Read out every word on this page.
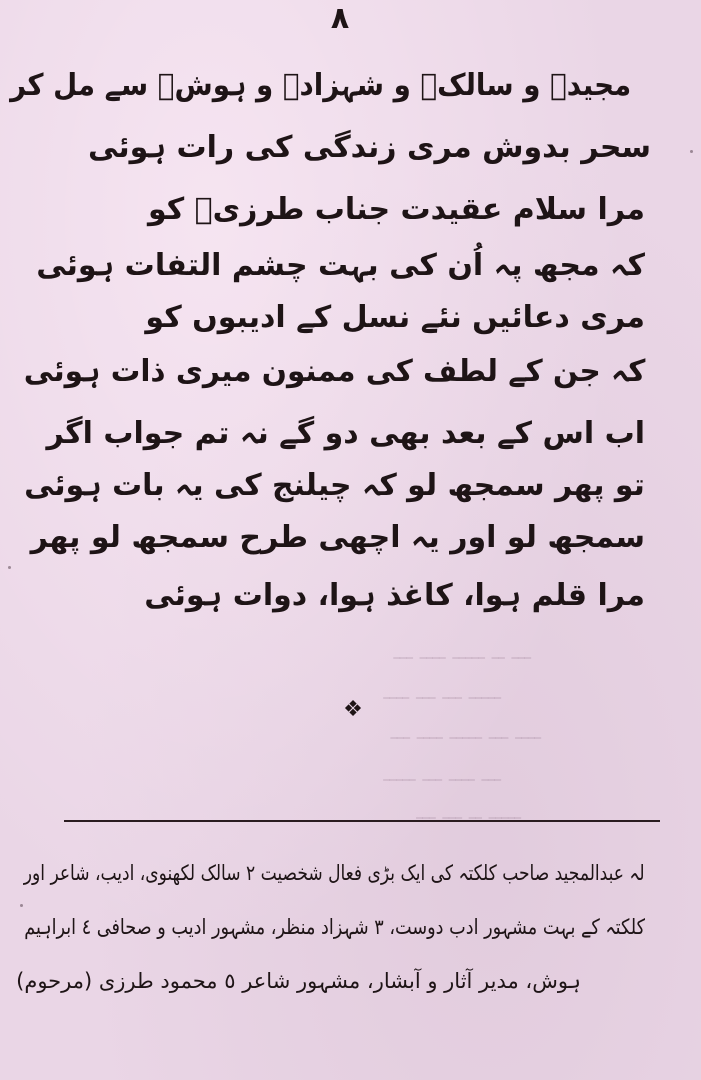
۸
ـــ ــ ـــــ ــــ ـــ
ـــــ ـــ ـــ ــــ
ــــ ـــ ـــــ ــــ ـــ
ـــ ــــ ـــ ـــــ
ـــــ ــ ـــ ـــ
مجیدؔ و سالکؔ و شہزادؔ و ہوشؔ سے مل کر
سحر بدوش مری زندگی کی رات ہوئی
مرا سلام عقیدت جناب طرزیؔ کو
کہ مجھ پہ اُن کی بہت چشم التفات ہوئی
مری دعائیں نئے نسل کے ادیبوں کو
کہ جن کے لطف کی ممنون میری ذات ہوئی
اب اس کے بعد بھی دو گے نہ تم جواب اگر
تو پھر سمجھ لو کہ چیلنج کی یہ بات ہوئی
سمجھ لو اور یہ اچھی طرح سمجھ لو پھر
مرا قلم ہوا، کاغذ ہوا، دوات ہوئی
❖
لہ عبدالمجید صاحب کلکتہ کی ایک بڑی فعال شخصیت ٢ سالک لکھنوی، ادیب، شاعر اور
کلکتہ کے بہت مشہور ادب دوست، ٣ شہزاد منظر، مشہور ادیب و صحافی ٤ ابراہیم
ہوش، مدیر آثار و آبشار، مشہور شاعر ٥ محمود طرزی (مرحوم)
